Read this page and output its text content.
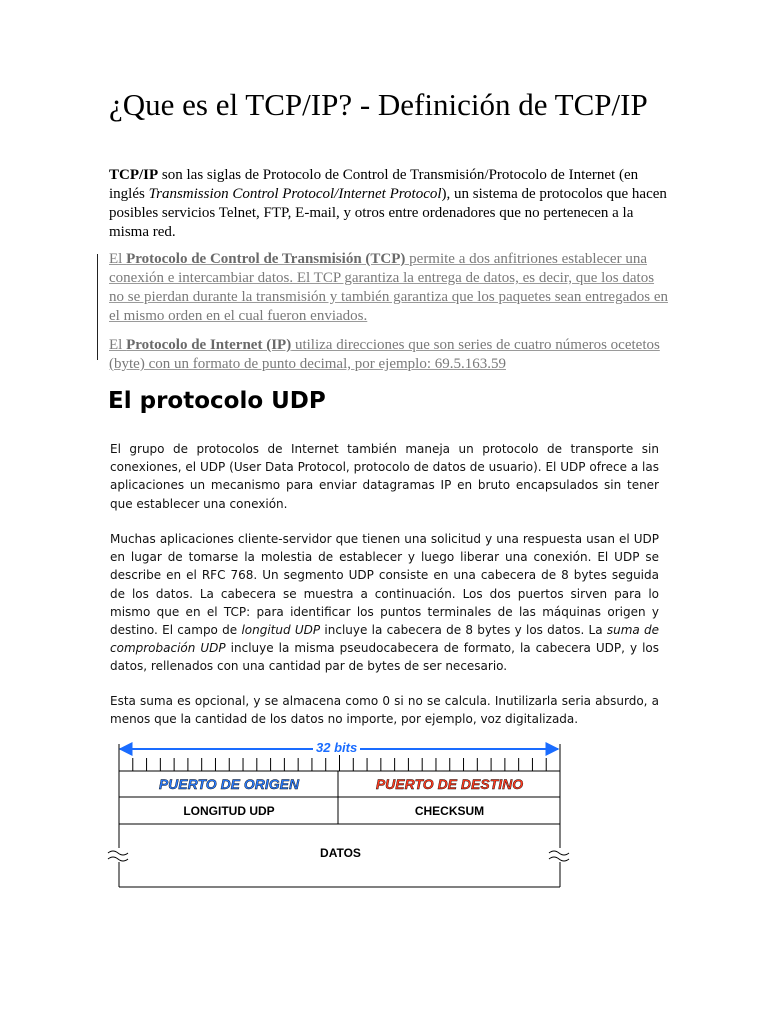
¿Que es el TCP/IP? - Definición de TCP/IP

TCP/IP son las siglas de Protocolo de Control de Transmisión/Protocolo de Internet (en inglés Transmission Control Protocol/Internet Protocol), un sistema de protocolos que hacen posibles servicios Telnet, FTP, E-mail, y otros entre ordenadores que no pertenecen a la misma red.

El Protocolo de Control de Transmisión (TCP) permite a dos anfitriones establecer una conexión e intercambiar datos. El TCP garantiza la entrega de datos, es decir, que los datos no se pierdan durante la transmisión y también garantiza que los paquetes sean entregados en el mismo orden en el cual fueron enviados.

El Protocolo de Internet (IP) utiliza direcciones que son series de cuatro números ocetetos (byte) con un formato de punto decimal, por ejemplo: 69.5.163.59

El protocolo UDP

El grupo de protocolos de Internet también maneja un protocolo de transporte sin conexiones, el UDP (User Data Protocol, protocolo de datos de usuario). El UDP ofrece a las aplicaciones un mecanismo para enviar datagramas IP en bruto encapsulados sin tener que establecer una conexión.

Muchas aplicaciones cliente-servidor que tienen una solicitud y una respuesta usan el UDP en lugar de tomarse la molestia de establecer y luego liberar una conexión. El UDP se describe en el RFC 768. Un segmento UDP consiste en una cabecera de 8 bytes seguida de los datos. La cabecera se muestra a continuación. Los dos puertos sirven para lo mismo que en el TCP: para identificar los puntos terminales de las máquinas origen y destino. El campo de longitud UDP incluye la cabecera de 8 bytes y los datos. La suma de comprobación UDP incluye la misma pseudocabecera de formato, la cabecera UDP, y los datos, rellenados con una cantidad par de bytes de ser necesario.

Esta suma es opcional, y se almacena como 0 si no se calcula. Inutilizarla seria absurdo, a menos que la cantidad de los datos no importe, por ejemplo, voz digitalizada.

32 bits
PUERTO DE ORIGEN	PUERTO DE DESTINO
LONGITUD UDP	CHECKSUM
DATOS
